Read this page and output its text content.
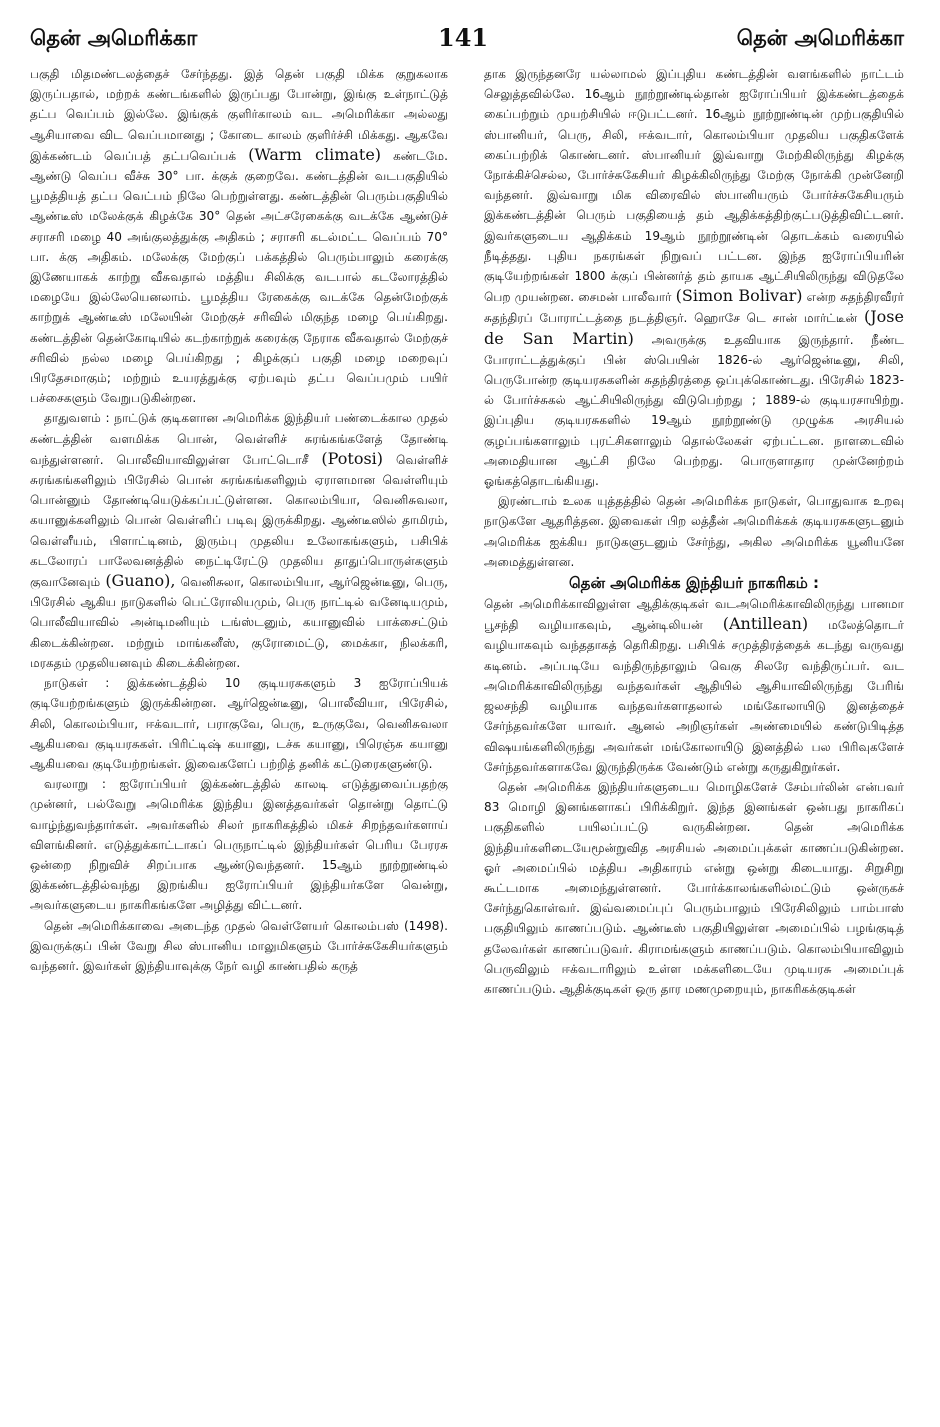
தென் அமெரிக்கா	141	தென் அமெரிக்கா

பகுதி மிதமண்டலத்தைச் சேர்ந்தது. இத் தென் பகுதி மிக்க குறுகலாக இருப்பதால், மற்றக் கண்டங்களில் இருப்பது போன்று, இங்கு உள்நாட்டுத் தட்ப வெப்பம் இல்லே. இங்குக் குளிர்காலம் வட அமெரிக்கா அல்லது ஆசியாவை விட வெப்பமானது ; கோடை காலம் குளிர்ச்சி மிக்கது. ஆகவே இக்கண்டம் வெப்பத் தட்பவெப்பக் (Warm climate) கண்டமே. ஆண்டு வெப்ப வீச்சு 30° பா. க்குக் குறைவே. கண்டத்தின் வடபகுதியில் பூமத்தியத் தட்ப வெட்பம் நிலே பெற்றுள்ளது. கண்டத்தின் பெரும்பகுதியில் ஆண்டீஸ் மலேக்குக் கிழக்கே 30° தென் அட்சரேகைக்கு வடக்கே ஆண்டுச் சராசரி மழை 40 அங்குலத்துக்கு அதிகம் ; சராசரி கடல்மட்ட வெப்பம் 70° பா. க்கு அதிகம். மலேக்கு மேற்குப் பக்கத்தில் பெரும்பாலும் கரைக்கு இணேயாகக் காற்று வீசுவதால் மத்திய சிலிக்கு வடபால் கடலோரத்தில் மழையே இல்லேயெனலாம். பூமத்திய ரேகைக்கு வடக்கே தென்மேற்குக் காற்றுக் ஆண்டீஸ் மலேயின் மேற்குச் சரிவில் மிகுந்த மழை பெய்கிறது. கண்டத்தின் தென்கோடியில் கடற்காற்றுக் கரைக்கு நேராக வீசுவதால் மேற்குச் சரிவில் நல்ல மழை பெய்கிறது ; கிழக்குப் பகுதி மழை மறைவுப் பிரதேசமாகும்; மற்றும் உயரத்துக்கு ஏற்பவும் தட்ப வெப்பமும் பயிர் பச்சைகளும் வேறுபடுகின்றன.

தாதுவளம் : நாட்டுக் குடிகளான அமெரிக்க இந்தியர் பண்டைக்கால முதல் கண்டத்தின் வளமிக்க பொன், வெள்ளிச் சுரங்கங்களேத் தோண்டி வந்துள்ளனர். பொலீவியாவிலுள்ள போட்டொசீ (Potosi) வெள்ளிச் சுரங்கங்களிலும் பிரேசில் பொன் சுரங்கங்களிலும் ஏராளமான வெள்ளியும் பொன்னும் தோண்டியெடுக்கப்பட்டுள்ளன. கொலம்பியா, வெனிசுவலா, கயானுக்களிலும் பொன் வெள்ளிப் படிவு இருக்கிறது. ஆண்டீஸில் தாமிரம், வெள்ளீயம், பிளாட்டினம், இரும்பு முதலிய உலோகங்களும், பசிபிக் கடலோரப் பாலேவனத்தில் நைட்டிரேட்டு முதலிய தாதுப்பொருள்களும் குவானேவும் (Guano), வெனிசுலா, கொலம்பியா, ஆர்ஜென்டீனு, பெரு, பிரேசில் ஆகிய நாடுகளில் பெட்ரோலியமும், பெரு நாட்டில் வனேடியமும், பொலீவியாவில் அன்டிமனியும் டங்ஸ்டனும், கயானுவில் பாக்சைட்டும் கிடைக்கின்றன. மற்றும் மாங்கனீஸ், குரோமைட்டு, மைக்கா, நிலக்கரி, மரகதம் முதலியனவும் கிடைக்கின்றன.

நாடுகள் : இக்கண்டத்தில் 10 குடியரசுகளும் 3 ஐரோப்பியக் குடியேற்றங்களும் இருக்கின்றன. ஆர்ஜென்டீனு, பொலீவியா, பிரேசில், சிலி, கொலம்பியா, ஈக்வடார், பராகுவே, பெரு, உருகுவே, வெனிசுவலா ஆகியவை குடியரசுகள். பிரிட்டிஷ் கயானு, டச்சு கயானு, பிரெஞ்சு கயானு ஆகியவை குடியேற்றங்கள். இவைகளேப் பற்றித் தனிக் கட்டுரைகளுண்டு.

வரலாறு : ஐரோப்பியர் இக்கண்டத்தில் காலடி எடுத்துவைப்பதற்கு முன்னர், பல்வேறு அமெரிக்க இந்திய இனத்தவர்கள் தொன்று தொட்டு வாழ்ந்துவந்தார்கள். அவர்களில் சிலர் நாகரிகத்தில் மிகச் சிறந்தவர்களாய் விளங்கினர். எடுத்துக்காட்டாகப் பெருநாட்டில் இந்தியர்கள் பெரிய பேரரசு ஒன்றை நிறுவிச் சிறப்பாக ஆண்டுவந்தனர். 15ஆம் நூற்றூண்டில் இக்கண்டத்தில்வந்து இறங்கிய ஐரோப்பியர் இந்தியர்களே வென்று, அவர்களுடைய நாகரிகங்களே அழித்து விட்டனர்.

தென் அமெரிக்காவை அடைந்த முதல் வெள்ளேயர் கொலம்பஸ் (1498). இவருக்குப் பின் வேறு சில ஸ்பானிய மாலுமிகளும் போர்ச்சுகேசியர்களும் வந்தனர். இவர்கள் இந்தியாவுக்கு நேர் வழி காண்பதில் கருத்

தாக இருந்தனரே யல்லாமல் இப்புதிய கண்டத்தின் வளங்களில் நாட்டம் செலுத்தவில்லே. 16ஆம் நூற்றூண்டில்தான் ஐரோப்பியர் இக்கண்டத்தைக் கைப்பற்றும் முயற்சியில் ஈடுபட்டனர். 16ஆம் நூற்றூண்டின் முற்பகுதியில் ஸ்பானியர், பெரு, சிலி, ஈக்வடார், கொலம்பியா முதலிய பகுதிகளேக் கைப்பற்றிக் கொண்டனர். ஸ்பானியர் இவ்வாறு மேற்கிலிருந்து கிழக்கு நோக்கிச்செல்ல, போர்ச்சுகேசியர் கிழக்கிலிருந்து மேற்கு நோக்கி முன்னேறி வந்தனர். இவ்வாறு மிக விரைவில் ஸ்பானியரும் போர்ச்சுகேசியரும் இக்கண்டத்தின் பெரும் பகுதியைத் தம் ஆதிக்கத்திற்குட்படுத்திவிட்டனர். இவர்களுடைய ஆதிக்கம் 19ஆம் நூற்றூண்டின் தொடக்கம் வரையில் நீடித்தது. புதிய நகரங்கள் நிறுவப் பட்டன. இந்த ஐரோப்பியரின் குடியேற்றங்கள் 1800 க்குப் பின்னர்த் தம் தாயக ஆட்சியிலிருந்து விடுதலே பெற முயன்றன. சைமன் பாலீவார் (Simon Bolivar) என்ற சுதந்திரவீரர் சுதந்திரப் போராட்டத்தை நடத்திஞர். ஹொசே டெ சான் மார்ட்டீன் (Jose de San Martin) அவருக்கு உதவியாக இருந்தார். நீண்ட போராட்டத்துக்குப் பின் ஸ்பெயின் 1826-ல் ஆர்ஜென்டீனு, சிலி, பெருபோன்ற குடியரசுகளின் சுதந்திரத்தை ஒப்புக்கொண்டது. பிரேசில் 1823-ல் போர்ச்சுகல் ஆட்சியிலிருந்து விடுபெற்றது ; 1889-ல் குடியரசாயிற்று. இப்புதிய குடியரசுகளில் 19ஆம் நூற்றூண்டு முழுக்க அரசியல் குழப்பங்களாலும் புரட்சிகளாலும் தொல்லேகள் ஏற்பட்டன. நாளடைவில் அமைதியான ஆட்சி நிலே பெற்றது. பொருளாதார முன்னேற்றம் ஓங்கத்தொடங்கியது.

இரண்டாம் உலக யுத்தத்தில் தென் அமெரிக்க நாடுகள், பொதுவாக உறவு நாடுகளே ஆதரித்தன. இவைகள் பிற லத்தீன் அமெரிக்கக் குடியரசுகளுடனும் அமெரிக்க ஐக்கிய நாடுகளுடனும் சேர்ந்து, அகில அமெரிக்க யூனியனே அமைத்துள்ளன.

தென் அமெரிக்க இந்தியர் நாகரிகம் :

தென் அமெரிக்காவிலுள்ள ஆதிக்குடிகள் வடஅமெரிக்காவிலிருந்து பானமா பூசந்தி வழியாகவும், ஆன்டிலியன் (Antillean) மலேத்தொடர் வழியாகவும் வந்ததாகத் தெரிகிறது. பசிபிக் சமுத்திரத்தைக் கடந்து வருவது கடினம். அப்படியே வந்திருந்தாலும் வெகு சிலரே வந்திருப்பர். வட அமெரிக்காவிலிருந்து வந்தவர்கள் ஆதியில் ஆசியாவிலிருந்து பேரிங் ஜலசந்தி வழியாக வந்தவர்களாதலால் மங்கோலாயிடு இனத்தைச் சேர்ந்தவர்களே யாவர். ஆனல் அறிஞர்கள் அண்மையில் கண்டுபிடித்த விஷயங்களிலிருந்து அவர்கள் மங்கோலாயிடு இனத்தில் பல பிரிவுகளேச் சேர்ந்தவர்களாகவே இருந்திருக்க வேண்டும் என்று கருதுகிறுர்கள்.

தென் அமெரிக்க இந்தியர்களுடைய மொழிகளேச் சேம்பர்லின் என்பவர் 83 மொழி இனங்களாகப் பிரிக்கிறுர். இந்த இனங்கள் ஒன்பது நாகரிகப் பகுதிகளில் பயிலப்பட்டு வருகின்றன. தென் அமெரிக்க இந்தியர்களிடையேமூன்றுவித அரசியல் அமைப்புக்கள் காணப்படுகின்றன. ஓர் அமைப்பில் மத்திய அதிகாரம் என்று ஒன்று கிடையாது. சிறுசிறு கூட்டமாக அமைந்துள்ளனர். போர்க்காலங்களில்மட்டும் ஒன்ருகச் சேர்ந்துகொள்வர். இவ்வமைப்புப் பெரும்பாலும் பிரேசிலிலும் பாம்பாஸ் பகுதியிலும் காணப்படும். ஆண்டீஸ் பகுதியிலுள்ள அமைப்பில் பழங்குடித் தலேவர்கள் காணப்படுவர். கிராமங்களும் காணப்படும். கொலம்பியாவிலும் பெருவிலும் ஈக்வடாரிலும் உள்ள மக்களிடையே முடியரசு அமைப்புக் காணப்படும். ஆதிக்குடிகள் ஒரு தார மணமுறையும், நாகரிகக்குடிகள்
